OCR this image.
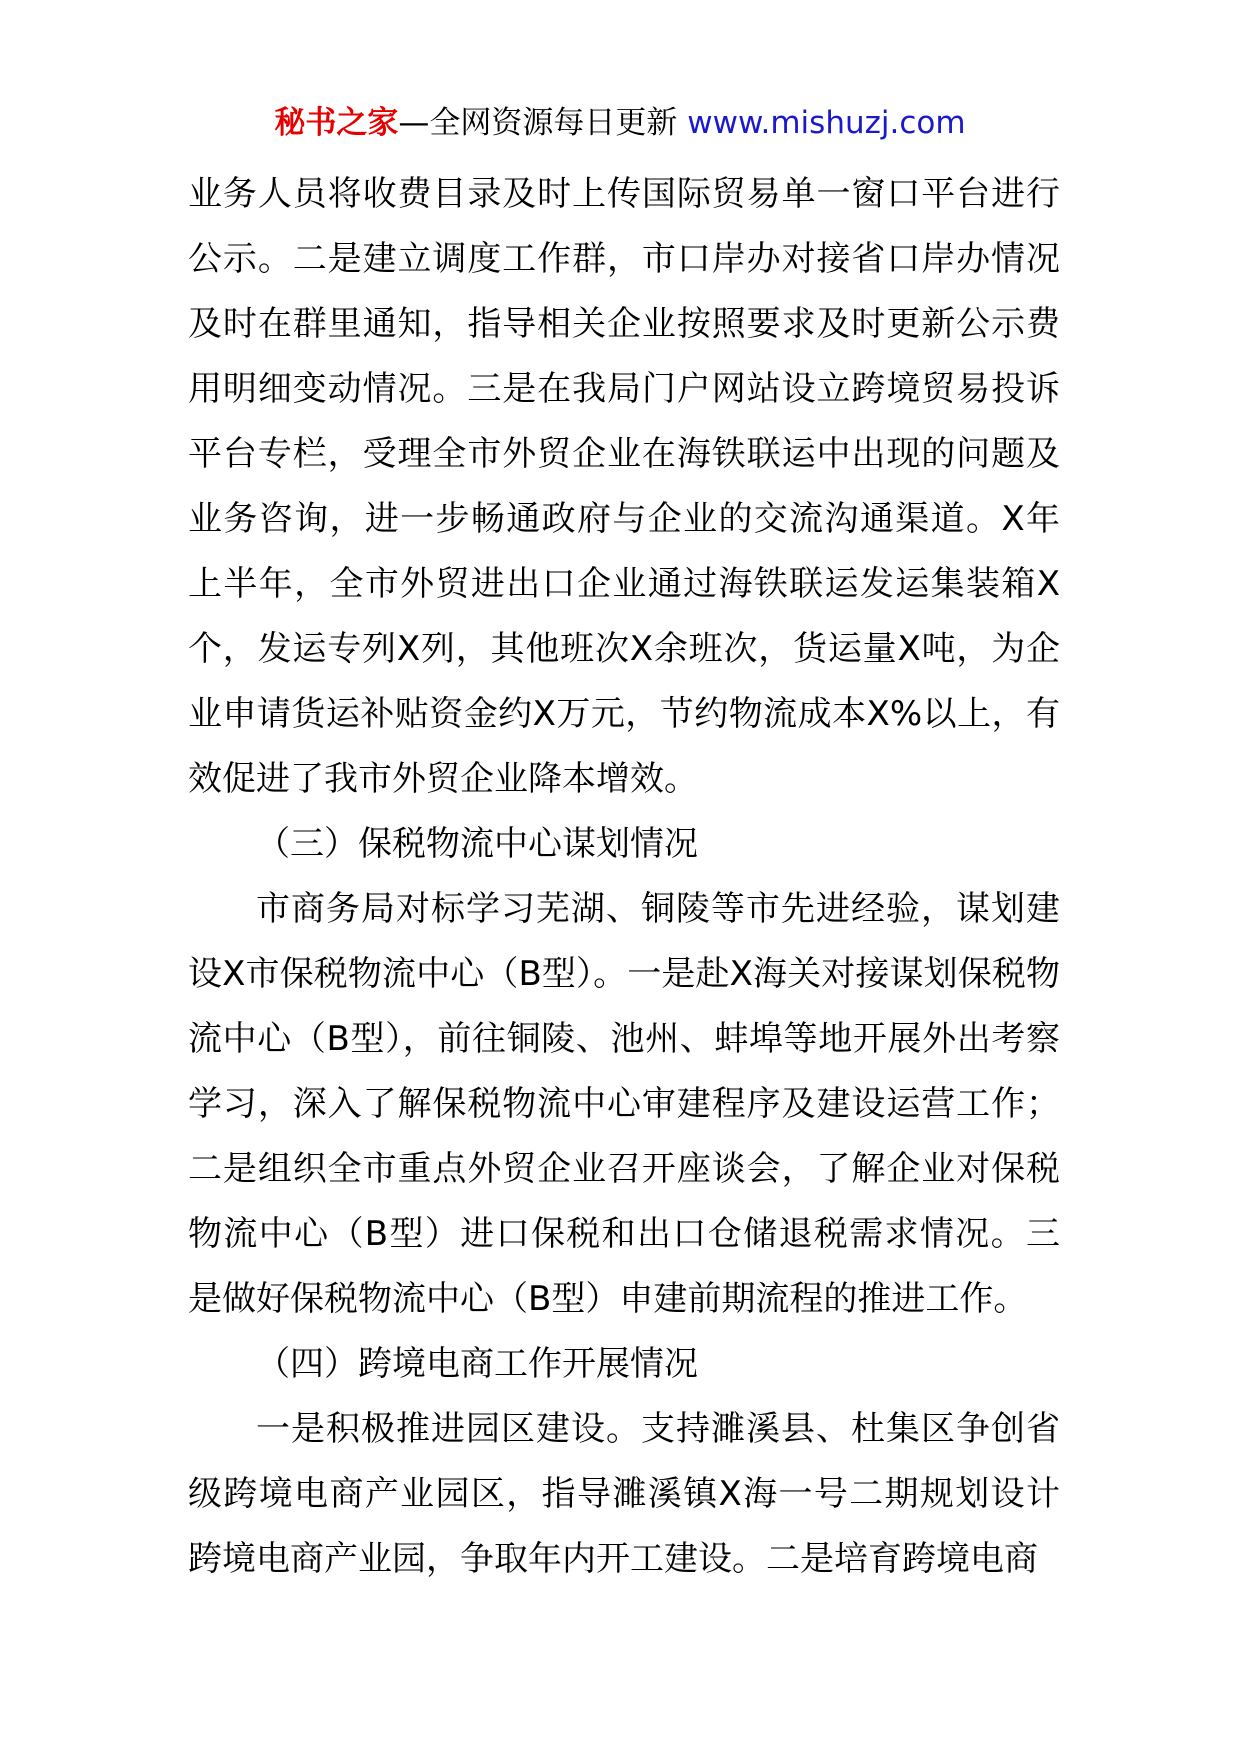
秘书之家—全网资源每日更新 www.mishuzj.com

业务人员将收费目录及时上传国际贸易单一窗口平台进行公示。二是建立调度工作群，市口岸办对接省口岸办情况及时在群里通知，指导相关企业按照要求及时更新公示费用明细变动情况。三是在我局门户网站设立跨境贸易投诉平台专栏，受理全市外贸企业在海铁联运中出现的问题及业务咨询，进一步畅通政府与企业的交流沟通渠道。X年上半年，全市外贸进出口企业通过海铁联运发运集装箱X个，发运专列X列，其他班次X余班次，货运量X吨，为企业申请货运补贴资金约X万元，节约物流成本X%以上，有效促进了我市外贸企业降本增效。

（三）保税物流中心谋划情况

市商务局对标学习芜湖、铜陵等市先进经验，谋划建设X市保税物流中心（B型）。一是赴X海关对接谋划保税物流中心（B型），前往铜陵、池州、蚌埠等地开展外出考察学习，深入了解保税物流中心审建程序及建设运营工作；二是组织全市重点外贸企业召开座谈会，了解企业对保税物流中心（B型）进口保税和出口仓储退税需求情况。三是做好保税物流中心（B型）申建前期流程的推进工作。

（四）跨境电商工作开展情况

一是积极推进园区建设。支持濉溪县、杜集区争创省级跨境电商产业园区，指导濉溪镇X海一号二期规划设计跨境电商产业园，争取年内开工建设。二是培育跨境电商
